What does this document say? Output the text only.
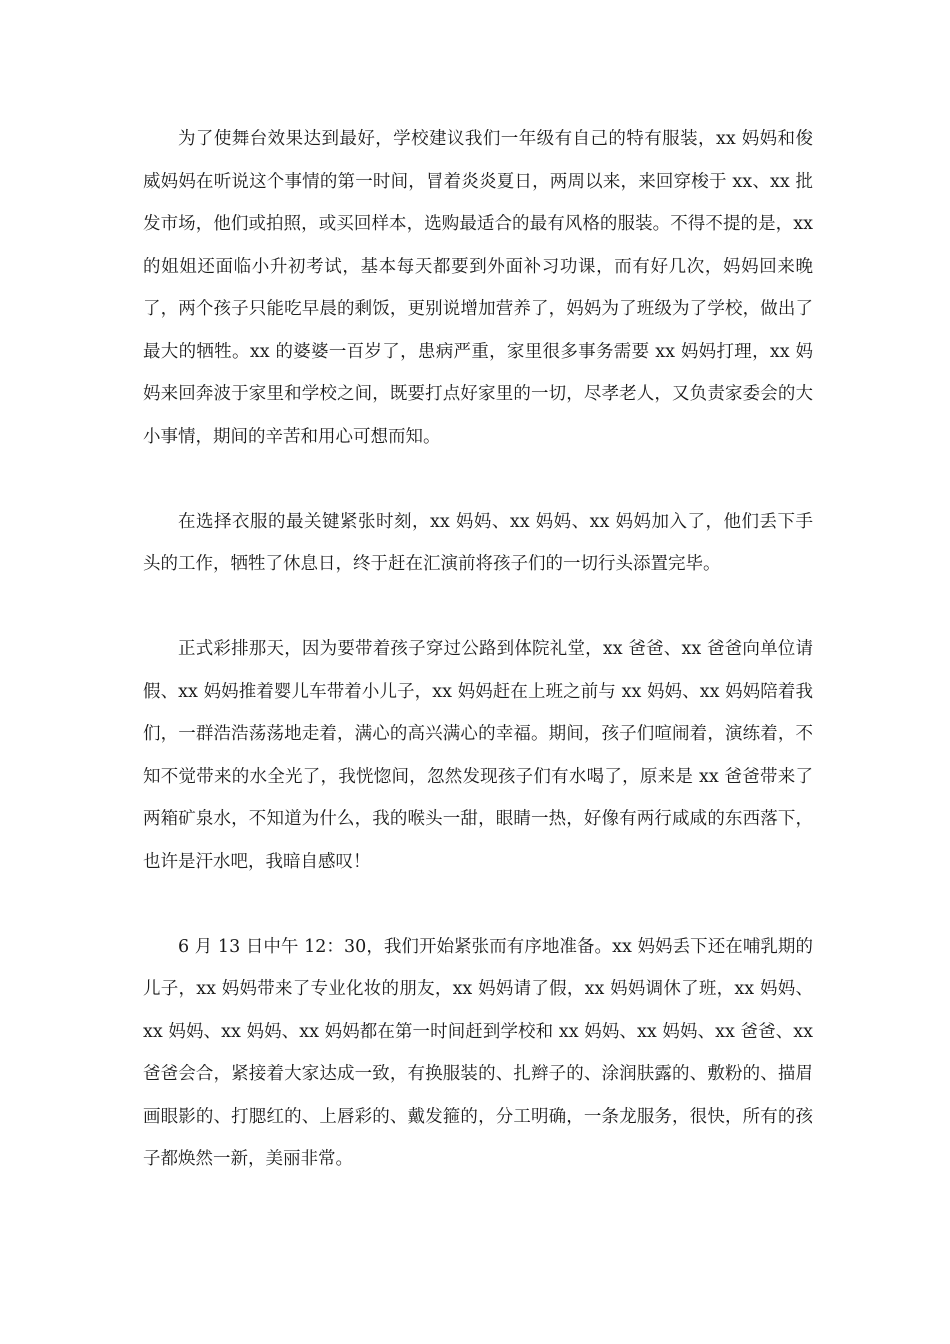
为了使舞台效果达到最好，学校建议我们一年级有自己的特有服装，xx 妈妈和俊威妈妈在听说这个事情的第一时间，冒着炎炎夏日，两周以来，来回穿梭于 xx、xx 批发市场，他们或拍照，或买回样本，选购最适合的最有风格的服装。不得不提的是，xx 的姐姐还面临小升初考试，基本每天都要到外面补习功课，而有好几次，妈妈回来晚了，两个孩子只能吃早晨的剩饭，更别说增加营养了，妈妈为了班级为了学校，做出了最大的牺牲。xx 的婆婆一百岁了，患病严重，家里很多事务需要 xx 妈妈打理，xx 妈妈来回奔波于家里和学校之间，既要打点好家里的一切，尽孝老人，又负责家委会的大小事情，期间的辛苦和用心可想而知。

在选择衣服的最关键紧张时刻，xx 妈妈、xx 妈妈、xx 妈妈加入了，他们丢下手头的工作，牺牲了休息日，终于赶在汇演前将孩子们的一切行头添置完毕。

正式彩排那天，因为要带着孩子穿过公路到体院礼堂，xx 爸爸、xx 爸爸向单位请假、xx 妈妈推着婴儿车带着小儿子，xx 妈妈赶在上班之前与 xx 妈妈、xx 妈妈陪着我们，一群浩浩荡荡地走着，满心的高兴满心的幸福。期间，孩子们喧闹着，演练着，不知不觉带来的水全光了，我恍惚间，忽然发现孩子们有水喝了，原来是 xx 爸爸带来了两箱矿泉水，不知道为什么，我的喉头一甜，眼睛一热，好像有两行咸咸的东西落下，也许是汗水吧，我暗自感叹！

6 月 13 日中午 12：30，我们开始紧张而有序地准备。xx 妈妈丢下还在哺乳期的儿子，xx 妈妈带来了专业化妆的朋友，xx 妈妈请了假，xx 妈妈调休了班，xx 妈妈、xx 妈妈、xx 妈妈、xx 妈妈都在第一时间赶到学校和 xx 妈妈、xx 妈妈、xx 爸爸、xx 爸爸会合，紧接着大家达成一致，有换服装的、扎辫子的、涂润肤露的、敷粉的、描眉画眼影的、打腮红的、上唇彩的、戴发箍的，分工明确，一条龙服务，很快，所有的孩子都焕然一新，美丽非常。
